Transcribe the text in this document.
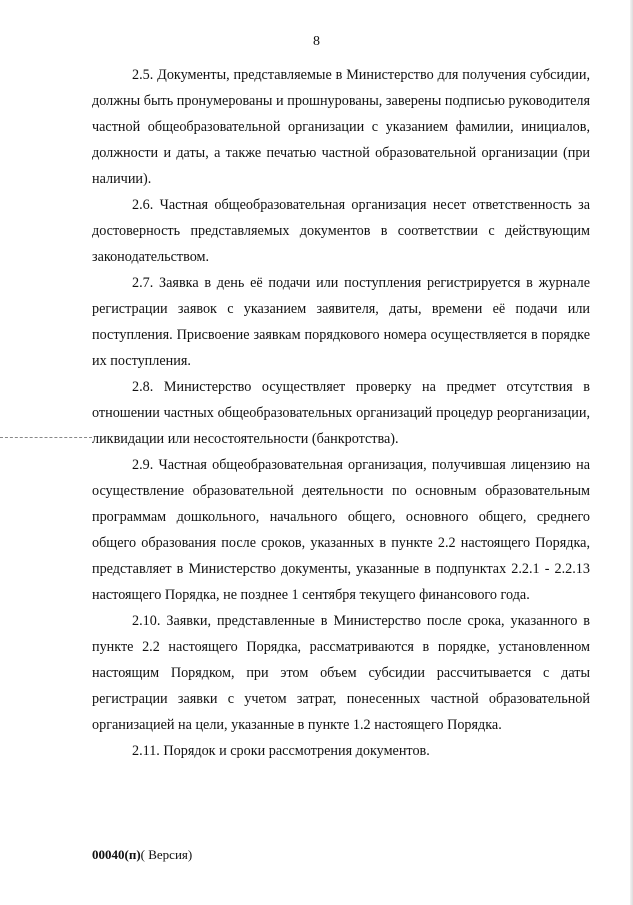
8

2.5. Документы, представляемые в Министерство для получения субсидии, должны быть пронумерованы и прошнурованы, заверены подписью руководителя частной общеобразовательной организации с указанием фамилии, инициалов, должности и даты, а также печатью частной образовательной организации (при наличии).

2.6. Частная общеобразовательная организация несет ответственность за достоверность представляемых документов в соответствии с действующим законодательством.

2.7. Заявка в день её подачи или поступления регистрируется в журнале регистрации заявок с указанием заявителя, даты, времени её подачи или поступления. Присвоение заявкам порядкового номера осуществляется в порядке их поступления.

2.8. Министерство осуществляет проверку на предмет отсутствия в отношении частных общеобразовательных организаций процедур реорганизации, ликвидации или несостоятельности (банкротства).

2.9. Частная общеобразовательная организация, получившая лицензию на осуществление образовательной деятельности по основным образовательным программам дошкольного, начального общего, основного общего, среднего общего образования после сроков, указанных в пункте 2.2 настоящего Порядка, представляет в Министерство документы, указанные в подпунктах 2.2.1 - 2.2.13 настоящего Порядка, не позднее 1 сентября текущего финансового года.

2.10. Заявки, представленные в Министерство после срока, указанного в пункте 2.2 настоящего Порядка, рассматриваются в порядке, установленном настоящим Порядком, при этом объем субсидии рассчитывается с даты регистрации заявки с учетом затрат, понесенных частной образовательной организацией на цели, указанные в пункте 1.2 настоящего Порядка.

2.11. Порядок и сроки рассмотрения документов.

00040(п)( Версия)
